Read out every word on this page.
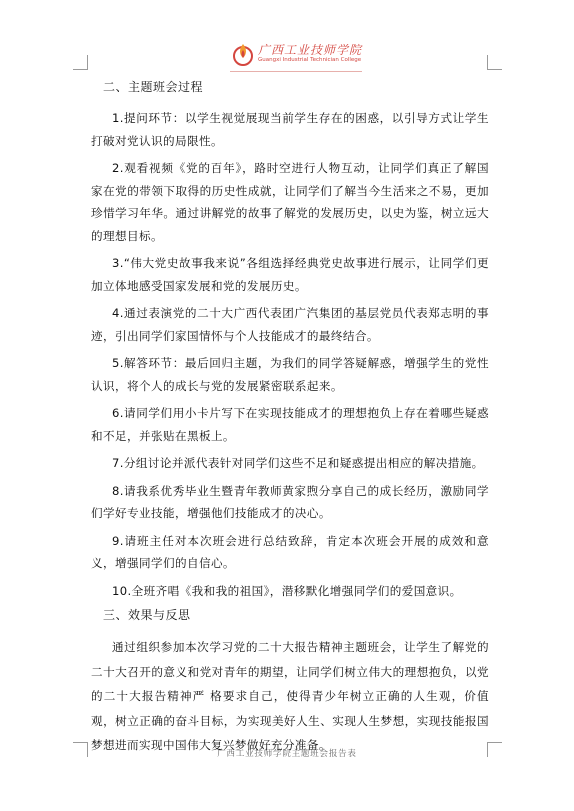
广西工业技师学院
Guangxi Industrial Technician College
二、主题班会过程

1.提问环节：以学生视觉展现当前学生存在的困惑，以引导方式让学生打破对党认识的局限性。

2.观看视频《党的百年》，路时空进行人物互动，让同学们真正了解国家在党的带领下取得的历史性成就，让同学们了解当今生活来之不易，更加珍惜学习年华。通过讲解党的故事了解党的发展历史，以史为鉴，树立远大的理想目标。

3.“伟大党史故事我来说”各组选择经典党史故事进行展示，让同学们更加立体地感受国家发展和党的发展历史。

4.通过表演党的二十大广西代表团广汽集团的基层党员代表郑志明的事迹，引出同学们家国情怀与个人技能成才的最终结合。

5.解答环节：最后回归主题，为我们的同学答疑解惑，增强学生的党性认识，将个人的成长与党的发展紧密联系起来。

6.请同学们用小卡片写下在实现技能成才的理想抱负上存在着哪些疑惑和不足，并张贴在黑板上。

7.分组讨论并派代表针对同学们这些不足和疑惑提出相应的解决措施。

8.请我系优秀毕业生暨青年教师黄家煦分享自己的成长经历，激励同学们学好专业技能，增强他们技能成才的决心。

9.请班主任对本次班会进行总结致辞，肯定本次班会开展的成效和意义，增强同学们的自信心。

10.全班齐唱《我和我的祖国》，潜移默化增强同学们的爱国意识。

三、效果与反思

通过组织参加本次学习党的二十大报告精神主题班会，让学生了解党的二十大召开的意义和党对青年的期望，让同学们树立伟大的理想抱负，以党的二十大报告精神严 格要求自己，使得青少年树立正确的人生观，价值观，树立正确的奋斗目标，为实现美好人生、实现人生梦想，实现技能报国梦想进而实现中国伟大复兴梦做好充分准备。

广西工业技师学院主题班会报告表
